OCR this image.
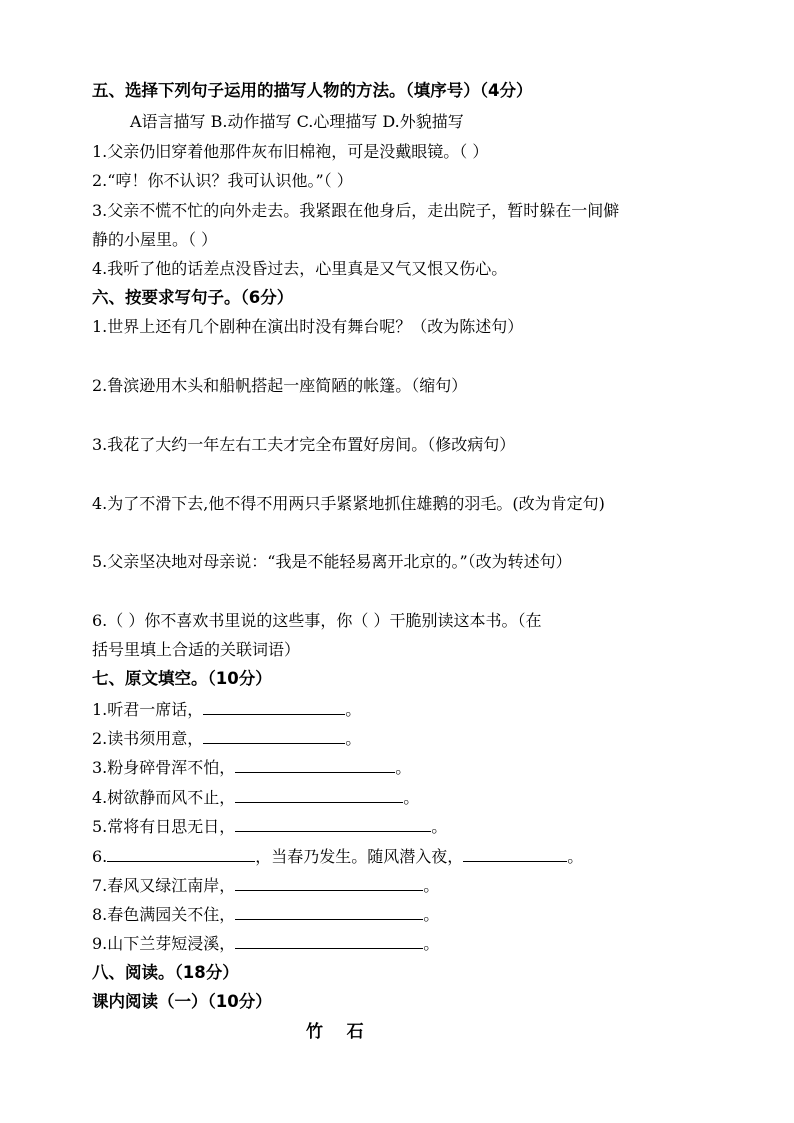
五、选择下列句子运用的描写人物的方法。（填序号）（4分）
A语言描写 B.动作描写 C.心理描写 D.外貌描写
1.父亲仍旧穿着他那件灰布旧棉袍，可是没戴眼镜。（ ）
2.“哼！你不认识？我可认识他。”（ ）
3.父亲不慌不忙的向外走去。我紧跟在他身后，走出院子，暂时躲在一间僻
静的小屋里。（ ）
4.我听了他的话差点没昏过去，心里真是又气又恨又伤心。
六、按要求写句子。（6分）
1.世界上还有几个剧种在演出时没有舞台呢？（改为陈述句）
2.鲁滨逊用木头和船帆搭起一座简陋的帐篷。（缩句）
3.我花了大约一年左右工夫才完全布置好房间。（修改病句）
4.为了不滑下去,他不得不用两只手紧紧地抓住雄鹅的羽毛。(改为肯定句)
5.父亲坚决地对母亲说：“我是不能轻易离开北京的。”（改为转述句）
6.（ ）你不喜欢书里说的这些事，你（ ）干脆别读这本书。（在
括号里填上合适的关联词语）
七、原文填空。（10分）
1.听君一席话，	。
2.读书须用意，	。
3.粉身碎骨浑不怕，	。
4.树欲静而风不止，	。
5.常将有日思无日，	。
6.	，当春乃发生。随风潜入夜，	。
7.春风又绿江南岸，	。
8.春色满园关不住，	。
9.山下兰芽短浸溪，	。
八、阅读。（18分）
课内阅读（一）（10分）
竹    石
